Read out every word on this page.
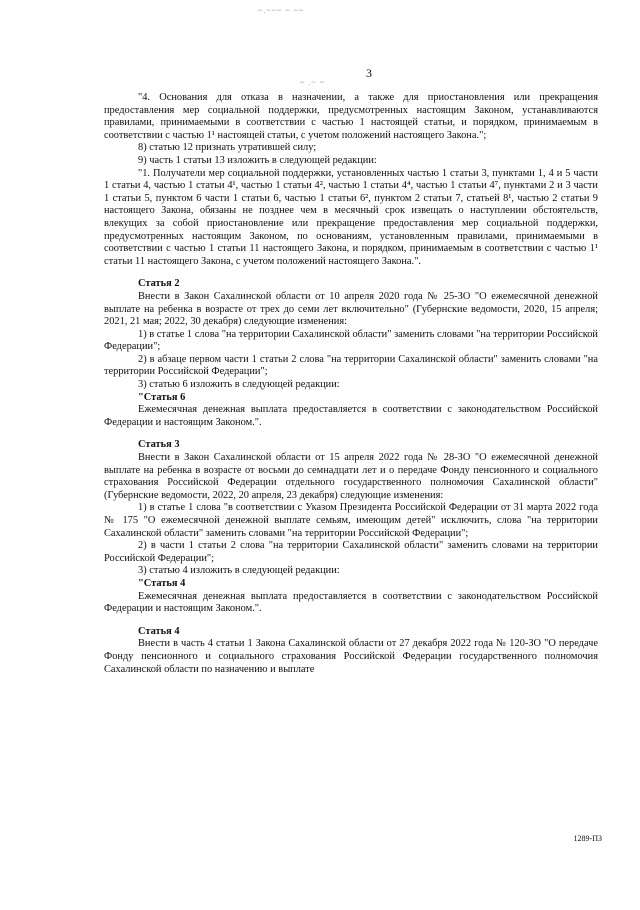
~.~~~ ~ ~~
~ .~ ~
3

"4. Основания для отказа в назначении, а также для приостановления или прекращения предоставления мер социальной поддержки, предусмотренных настоящим Законом, устанавливаются правилами, принимаемыми в соответствии с частью 1 настоящей статьи, и порядком, принимаемым в соответствии с частью 1¹ настоящей статьи, с учетом положений настоящего Закона.";

8) статью 12 признать утратившей силу;

9) часть 1 статьи 13 изложить в следующей редакции:

"1. Получатели мер социальной поддержки, установленных частью 1 статьи 3, пунктами 1, 4 и 5 части 1 статьи 4, частью 1 статьи 4¹, частью 1 статьи 4², частью 1 статьи 4⁴, частью 1 статьи 4⁷, пунктами 2 и 3 части 1 статьи 5, пунктом 6 части 1 статьи 6, частью 1 статьи 6², пунктом 2 статьи 7, статьей 8¹, частью 2 статьи 9 настоящего Закона, обязаны не позднее чем в месячный срок извещать о наступлении обстоятельств, влекущих за собой приостановление или прекращение предоставления мер социальной поддержки, предусмотренных настоящим Законом, по основаниям, установленным правилами, принимаемыми в соответствии с частью 1 статьи 11 настоящего Закона, и порядком, принимаемым в соответствии с частью 1¹ статьи 11 настоящего Закона, с учетом положений настоящего Закона.".

Статья 2

Внести в Закон Сахалинской области от 10 апреля 2020 года № 25-ЗО "О ежемесячной денежной выплате на ребенка в возрасте от трех до семи лет включительно" (Губернские ведомости, 2020, 15 апреля; 2021, 21 мая; 2022, 30 декабря) следующие изменения:

1) в статье 1 слова "на территории Сахалинской области" заменить словами "на территории Российской Федерации";

2) в абзаце первом части 1 статьи 2 слова "на территории Сахалинской области" заменить словами "на территории Российской Федерации";

3) статью 6 изложить в следующей редакции:

"Статья 6

Ежемесячная денежная выплата предоставляется в соответствии с законодательством Российской Федерации и настоящим Законом.".

Статья 3

Внести в Закон Сахалинской области от 15 апреля 2022 года № 28-ЗО "О ежемесячной денежной выплате на ребенка в возрасте от восьми до семнадцати лет и о передаче Фонду пенсионного и социального страхования Российской Федерации отдельного государственного полномочия Сахалинской области" (Губернские ведомости, 2022, 20 апреля, 23 декабря) следующие изменения:

1) в статье 1 слова "в соответствии с Указом Президента Российской Федерации от 31 марта 2022 года № 175 "О ежемесячной денежной выплате семьям, имеющим детей" исключить, слова "на территории Сахалинской области" заменить словами "на территории Российской Федерации";

2) в части 1 статьи 2 слова "на территории Сахалинской области" заменить словами на территории Российской Федерации";

3) статью 4 изложить в следующей редакции:

"Статья 4

Ежемесячная денежная выплата предоставляется в соответствии с законодательством Российской Федерации и настоящим Законом.".

Статья 4

Внести в часть 4 статьи 1 Закона Сахалинской области от 27 декабря 2022 года № 120-ЗО "О передаче Фонду пенсионного и социального страхования Российской Федерации государственного полномочия Сахалинской области по назначению и выплате

1289-ПЗ
